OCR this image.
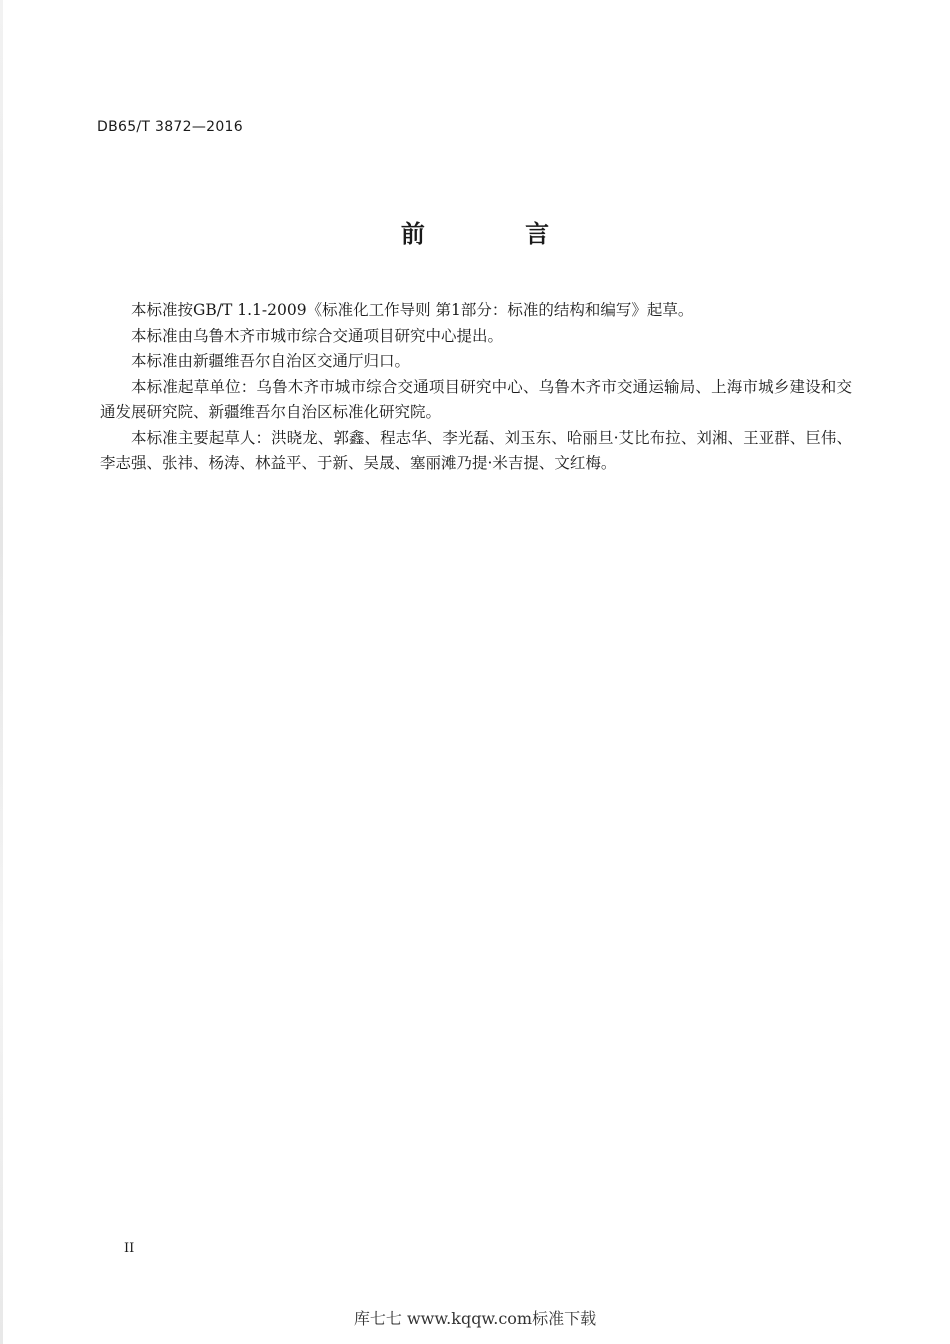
DB65/T 3872—2016
前 言

本标准按GB/T 1.1-2009《标准化工作导则 第1部分：标准的结构和编写》起草。

本标准由乌鲁木齐市城市综合交通项目研究中心提出。

本标准由新疆维吾尔自治区交通厅归口。

本标准起草单位：乌鲁木齐市城市综合交通项目研究中心、乌鲁木齐市交通运输局、上海市城乡建设和交通发展研究院、新疆维吾尔自治区标准化研究院。

本标准主要起草人：洪晓龙、郭鑫、程志华、李光磊、刘玉东、哈丽旦·艾比布拉、刘湘、王亚群、巨伟、李志强、张祎、杨涛、林益平、于新、吴晟、塞丽滩乃提·米吉提、文红梅。

II
库七七 www.kqqw.com标准下载
